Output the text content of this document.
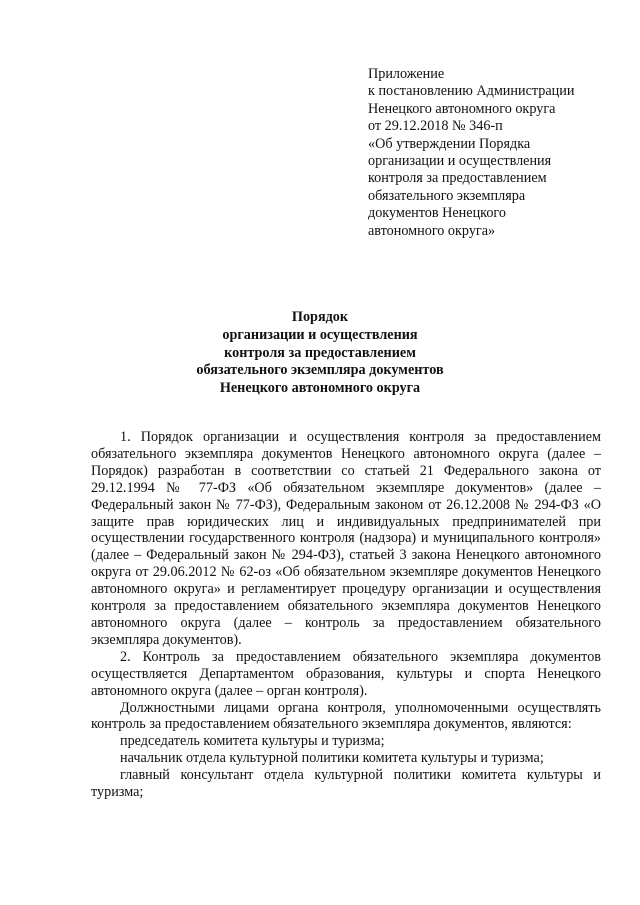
Приложение
к постановлению Администрации
Ненецкого автономного округа
от 29.12.2018 № 346-п
«Об утверждении Порядка
организации и осуществления
контроля за предоставлением
обязательного экземпляра
документов Ненецкого
автономного округа»
Порядок
организации и осуществления
контроля за предоставлением
обязательного экземпляра документов
Ненецкого автономного округа

1. Порядок организации и осуществления контроля за предоставлением обязательного экземпляра документов Ненецкого автономного округа (далее – Порядок) разработан в соответствии со статьей 21 Федерального закона от 29.12.1994 № 77-ФЗ «Об обязательном экземпляре документов» (далее – Федеральный закон № 77-ФЗ), Федеральным законом от 26.12.2008 № 294-ФЗ «О защите прав юридических лиц и индивидуальных предпринимателей при осуществлении государственного контроля (надзора) и муниципального контроля» (далее – Федеральный закон № 294-ФЗ), статьей 3 закона Ненецкого автономного округа от 29.06.2012 № 62-оз «Об обязательном экземпляре документов Ненецкого автономного округа» и регламентирует процедуру организации и осуществления контроля за предоставлением обязательного экземпляра документов Ненецкого автономного округа (далее – контроль за предоставлением обязательного экземпляра документов).

2. Контроль за предоставлением обязательного экземпляра документов осуществляется Департаментом образования, культуры и спорта Ненецкого автономного округа (далее – орган контроля).

Должностными лицами органа контроля, уполномоченными осуществлять контроль за предоставлением обязательного экземпляра документов, являются:

председатель комитета культуры и туризма;

начальник отдела культурной политики комитета культуры и туризма;

главный консультант отдела культурной политики комитета культуры и туризма;
